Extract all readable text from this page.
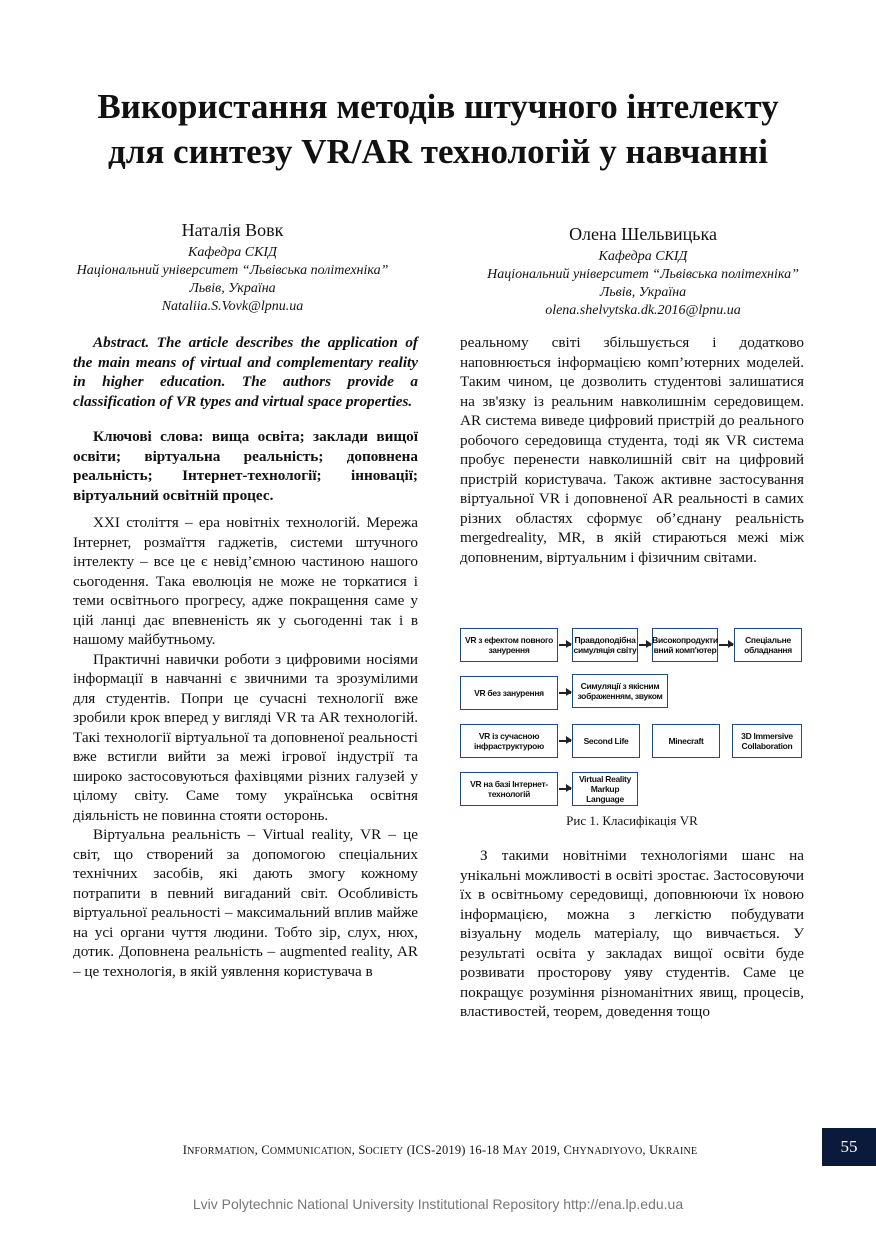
Використання методів штучного інтелекту
для синтезу VR/AR технологій у навчанні
Наталія Вовк
Кафедра СКІД
Національний університет “Львівська політехніка”
Львів, Україна
Nataliia.S.Vovk@lpnu.ua
Олена Шельвицька
Кафедра СКІД
Національний університет “Львівська політехніка”
Львів, Україна
olena.shelvytska.dk.2016@lpnu.ua

Abstract. The article describes the application of the main means of virtual and complementary reality in higher education. The authors provide a classification of VR types and virtual space properties.

Ключові слова: вища освіта; заклади вищої освіти; віртуальна реальність; доповнена реальність; Інтернет-технології; інновації; віртуальний освітній процес.

XXI століття – ера новітніх технологій. Мережа Інтернет, розмаїття гаджетів, системи штучного інтелекту – все це є невід’ємною частиною нашого сьогодення. Така еволюція не може не торкатися і теми освітнього прогресу, адже покращення саме у цій ланці дає впевненість як у сьогоденні так і в нашому майбутньому.

Практичні навички роботи з цифровими носіями інформації в навчанні є звичними та зрозумілими для студентів. Попри це сучасні технології вже зробили крок вперед у вигляді VR та AR технологій. Такі технології віртуальної та доповненої реальності вже встигли вийти за межі ігрової індустрії та широко застосовуються фахівцями різних галузей у цілому світу. Саме тому українська освітня діяльність не повинна стояти осторонь.

Віртуальна реальність – Virtual reality, VR – це світ, що створений за допомогою спеціальних технічних засобів, які дають змогу кожному потрапити в певний вигаданий світ. Особливість віртуальної реальності – максимальний вплив майже на усі органи чуття людини. Тобто зір, слух, нюх, дотик. Доповнена реальність – augmented reality, AR – це технологія, в якій уявлення користувача в

реальному світі збільшується і додатково наповнюється інформацією комп’ютерних моделей. Таким чином, це дозволить студентові залишатися на зв'язку із реальним навколишнім середовищем. AR система виведе цифровий пристрій до реального робочого середовища студента, тоді як VR система пробує перенести навколишній світ на цифровий пристрій користувача. Також активне застосування віртуальної VR і доповненої AR реальності в самих різних областях сформує об’єднану реальність mergedreality, MR, в якій стираються межі між доповненим, віртуальним і фізичним світами.

VR з ефектом повного занурення
Правдоподібна симуляція світу
Високопродукти вний комп'ютер
Спеціальне обладнання
VR без занурення
Симуляції з якісним зображенням, звуком
VR із сучасною інфраструктурою	Second Life	Minecraft	3D Immersive Collaboration
VR на базі Інтернет-технологій
Virtual Reality Markup Language
Рис 1. Класифікація VR

З такими новітніми технологіями шанс на унікальні можливості в освіті зростає. Застосовуючи їх в освітньому середовищі, доповнюючи їх новою інформацією, можна з легкістю побудувати візуальну модель матеріалу, що вивчається. У результаті освіта у закладах вищої освіти буде розвивати просторову уяву студентів. Саме це покращує розуміння різноманітних явищ, процесів, властивостей, теорем, доведення тощо

INFORMATION, COMMUNICATION, SOCIETY (ICS-2019) 16-18 MAY 2019, CHYNADIYOVO, UKRAINE	55
Lviv Polytechnic National University Institutional Repository http://ena.lp.edu.ua
